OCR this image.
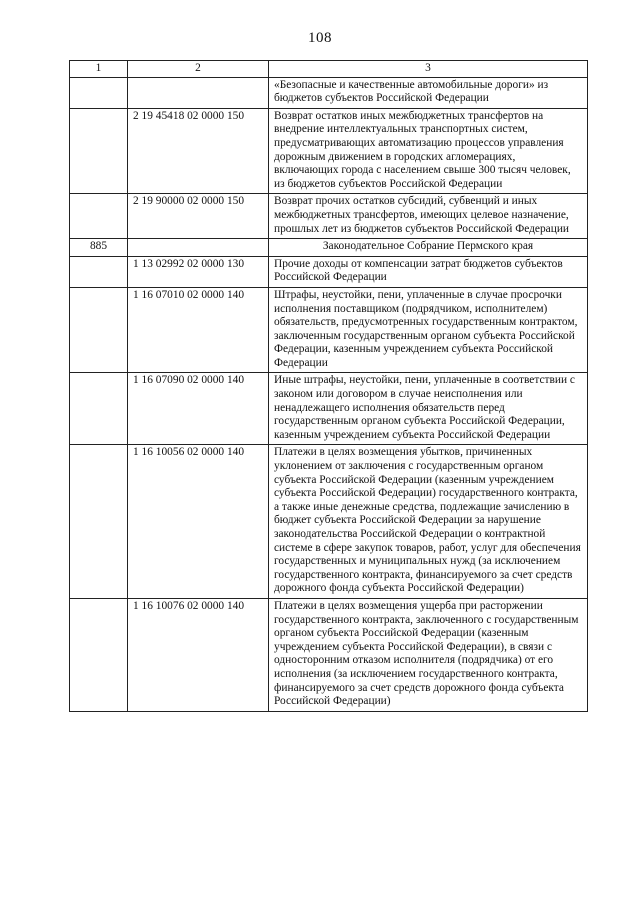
108
1	2	3
		«Безопасные и качественные автомобильные дороги» из бюджетов субъектов Российской Федерации
	2 19 45418 02 0000 150	Возврат остатков иных межбюджетных трансфертов на внедрение интеллектуальных транспортных систем, предусматривающих автоматизацию процессов управления дорожным движением в городских агломерациях, включающих города с населением свыше 300 тысяч человек, из бюджетов субъектов Российской Федерации
	2 19 90000 02 0000 150	Возврат прочих остатков субсидий, субвенций и иных межбюджетных трансфертов, имеющих целевое назначение, прошлых лет из бюджетов субъектов Российской Федерации
885		Законодательное Собрание Пермского края
	1 13 02992 02 0000 130	Прочие доходы от компенсации затрат бюджетов субъектов Российской Федерации
	1 16 07010 02 0000 140	Штрафы, неустойки, пени, уплаченные в случае просрочки исполнения поставщиком (подрядчиком, исполнителем) обязательств, предусмотренных государственным контрактом, заключенным государственным органом субъекта Российской Федерации, казенным учреждением субъекта Российской Федерации
	1 16 07090 02 0000 140	Иные штрафы, неустойки, пени, уплаченные в соответствии с законом или договором в случае неисполнения или ненадлежащего исполнения обязательств перед государственным органом субъекта Российской Федерации, казенным учреждением субъекта Российской Федерации
	1 16 10056 02 0000 140	Платежи в целях возмещения убытков, причиненных уклонением от заключения с государственным органом субъекта Российской Федерации (казенным учреждением субъекта Российской Федерации) государственного контракта, а также иные денежные средства, подлежащие зачислению в бюджет субъекта Российской Федерации за нарушение законодательства Российской Федерации о контрактной системе в сфере закупок товаров, работ, услуг для обеспечения государственных и муниципальных нужд (за исключением государственного контракта, финансируемого за счет средств дорожного фонда субъекта Российской Федерации)
	1 16 10076 02 0000 140	Платежи в целях возмещения ущерба при расторжении государственного контракта, заключенного с государственным органом субъекта Российской Федерации (казенным учреждением субъекта Российской Федерации), в связи с односторонним отказом исполнителя (подрядчика) от его исполнения (за исключением государственного контракта, финансируемого за счет средств дорожного фонда субъекта Российской Федерации)
